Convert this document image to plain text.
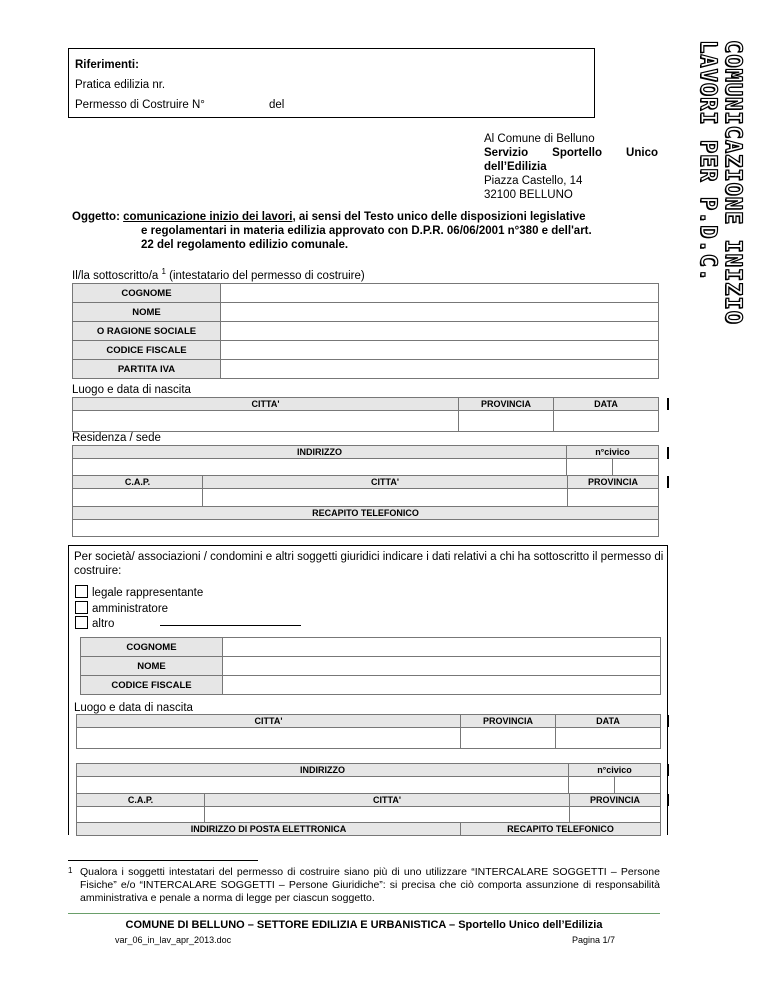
Riferimenti:
Pratica edilizia nr.
Permesso di Costruire N°	del	COMUNICAZIONE INIZIO LAVORI PER P.D.C.
Al Comune di Belluno
Servizio Sportello Unico
dell’Edilizia
Piazza Castello, 14
32100 BELLUNO
Oggetto: comunicazione inizio dei lavori, ai sensi del Testo unico delle disposizioni legislative
e regolamentari in materia edilizia approvato con D.P.R. 06/06/2001 n°380 e dell'art.
22 del regolamento edilizio comunale.
Il/la sottoscritto/a $^1$ (intestatario del permesso di costruire)
COGNOME	
NOME	
O RAGIONE SOCIALE	
CODICE FISCALE	
PARTITA IVA	
Luogo e data di nascita
CITTA'	PROVINCIA	DATA

Residenza / sede
INDIRIZZO	n°civico	

C.A.P.	CITTA'	PROVINCIA

RECAPITO TELEFONICO

Per società/ associazioni / condomini e altri soggetti giuridici indicare i dati relativi a chi ha sottoscritto il permesso di costruire:
legale rappresentante
amministratore
altro
COGNOME	
NOME	
CODICE FISCALE	
Luogo e data di nascita
CITTA'	PROVINCIA	DATA

INDIRIZZO	n°civico	

C.A.P.	CITTA'	PROVINCIA

INDIRIZZO DI POSTA ELETTRONICA	RECAPITO TELEFONICO
1 Qualora i soggetti intestatari del permesso di costruire siano più di uno utilizzare “INTERCALARE SOGGETTI – Persone Fisiche” e/o “INTERCALARE SOGGETTI – Persone Giuridiche”: si precisa che ciò comporta assunzione di responsabilità amministrativa e penale a norma di legge per ciascun soggetto.
COMUNE DI BELLUNO – SETTORE EDILIZIA E URBANISTICA – Sportello Unico dell’Edilizia
var_06_in_lav_apr_2013.doc	Pagina 1/7
